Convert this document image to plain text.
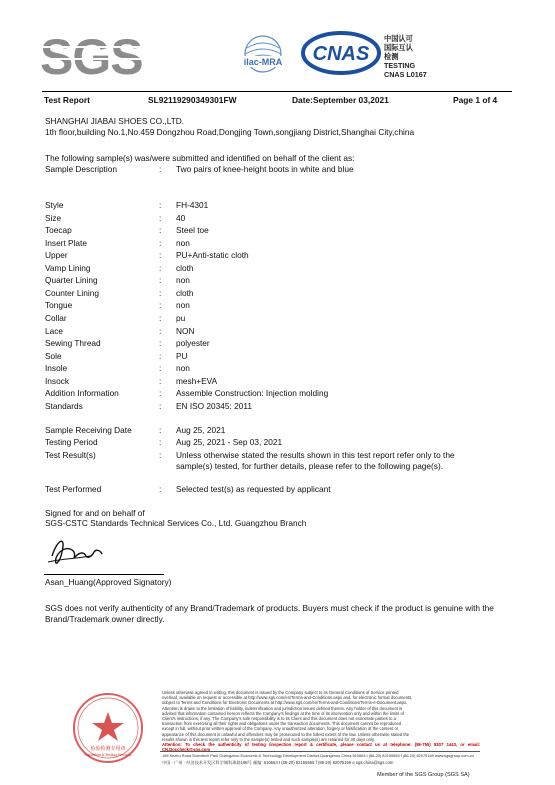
SGS	ilac-MRA CNAS
中国认可
国际互认
检测
TESTING
CNAS L0167
Test Report	SL92119290349301FW	Date:September 03,2021	Page 1 of 4
SHANGHAI JIABAI SHOES CO.,LTD.
1th floor,building No.1,No.459 Dongzhou Road,Dongjing Town,songjiang District,Shanghai City,china
The following sample(s) was/were submitted and identified on behalf of the client as:
Sample Description	: Two pairs of knee-height boots in white and blue
Style	: FH-4301
Size	: 40
Toecap	: Steel toe
Insert Plate	: non
Upper	: PU+Anti-static cloth
Vamp Lining	: cloth
Quarter Lining	: non
Counter Lining	: cloth
Tongue	: non
Collar	: pu
Lace	: NON
Sewing Thread	: polyester
Sole	: PU
Insole	: non
Insock	: mesh+EVA
Addition Information	: Assemble Construction: Injection molding
Standards	: EN ISO 20345: 2011
Sample Receiving Date	: Aug 25, 2021
Testing Period	: Aug 25, 2021 - Sep 03, 2021
Test Result(s)	: Unless otherwise stated the results shown in this test report refer only to the
sample(s) tested, for further details, please refer to the following page(s).
Test Performed	: Selected test(s) as requested by applicant
Signed for and on behalf of
SGS-CSTC Standards Technical Services Co., Ltd. Guangzhou Branch
Asan_Huang(Approved Signatory)
SGS does not verify authenticity of any Brand/Trademark of products. Buyers must check if the product is genuine with the Brand/Trademark owner directly.
检验检测专用章
Inspection & Testing Services
Unless otherwise agreed in writing, this document is issued by the Company subject to its General Conditions of Service printed
overleaf, available on request or accessible at http://www.sgs.com/en/Terms-and-Conditions.aspx and, for electronic format documents,
subject to Terms and Conditions for Electronic Documents at http://www.sgs.com/en/Terms-and-Conditions/Terms-e-Document.aspx.
Attention is drawn to the limitation of liability, indemnification and jurisdiction issues defined therein. Any holder of this document is
advised that information contained hereon reflects the Company's findings at the time of its intervention only and within the limits of
Client's instructions, if any. The Company's sole responsibility is to its Client and this document does not exonerate parties to a
transaction from exercising all their rights and obligations under the transaction documents. This document cannot be reproduced
except in full, without prior written approval of the Company. Any unauthorized alteration, forgery or falsification of the content or
appearance of this document is unlawful and offenders may be prosecuted to the fullest extent of the law. Unless otherwise stated the
results shown in this test report refer only to the sample(s) tested and such sample(s) are retained for 30 days only.
Attention: To check the authenticity of testing /inspection report & certificate, please contact us at telephone: (86-755) 8307 1443, or email: CN.Doccheck@sgs.com
198 Kezhu Road,Scientech Park Guangzhou Economic & Technology Development District,Guangzhou,China 510663 t (86-20) 82155555 f (86-20) 82075169 www.sgsgroup.com.cn
中国 · 广州 · 经济技术开发区科学城科珠路198号 邮编: 510663 t (86-20) 82155555 f (86-20) 82075169 e sgs.china@sgs.com
Member of the SGS Group (SGS SA)
